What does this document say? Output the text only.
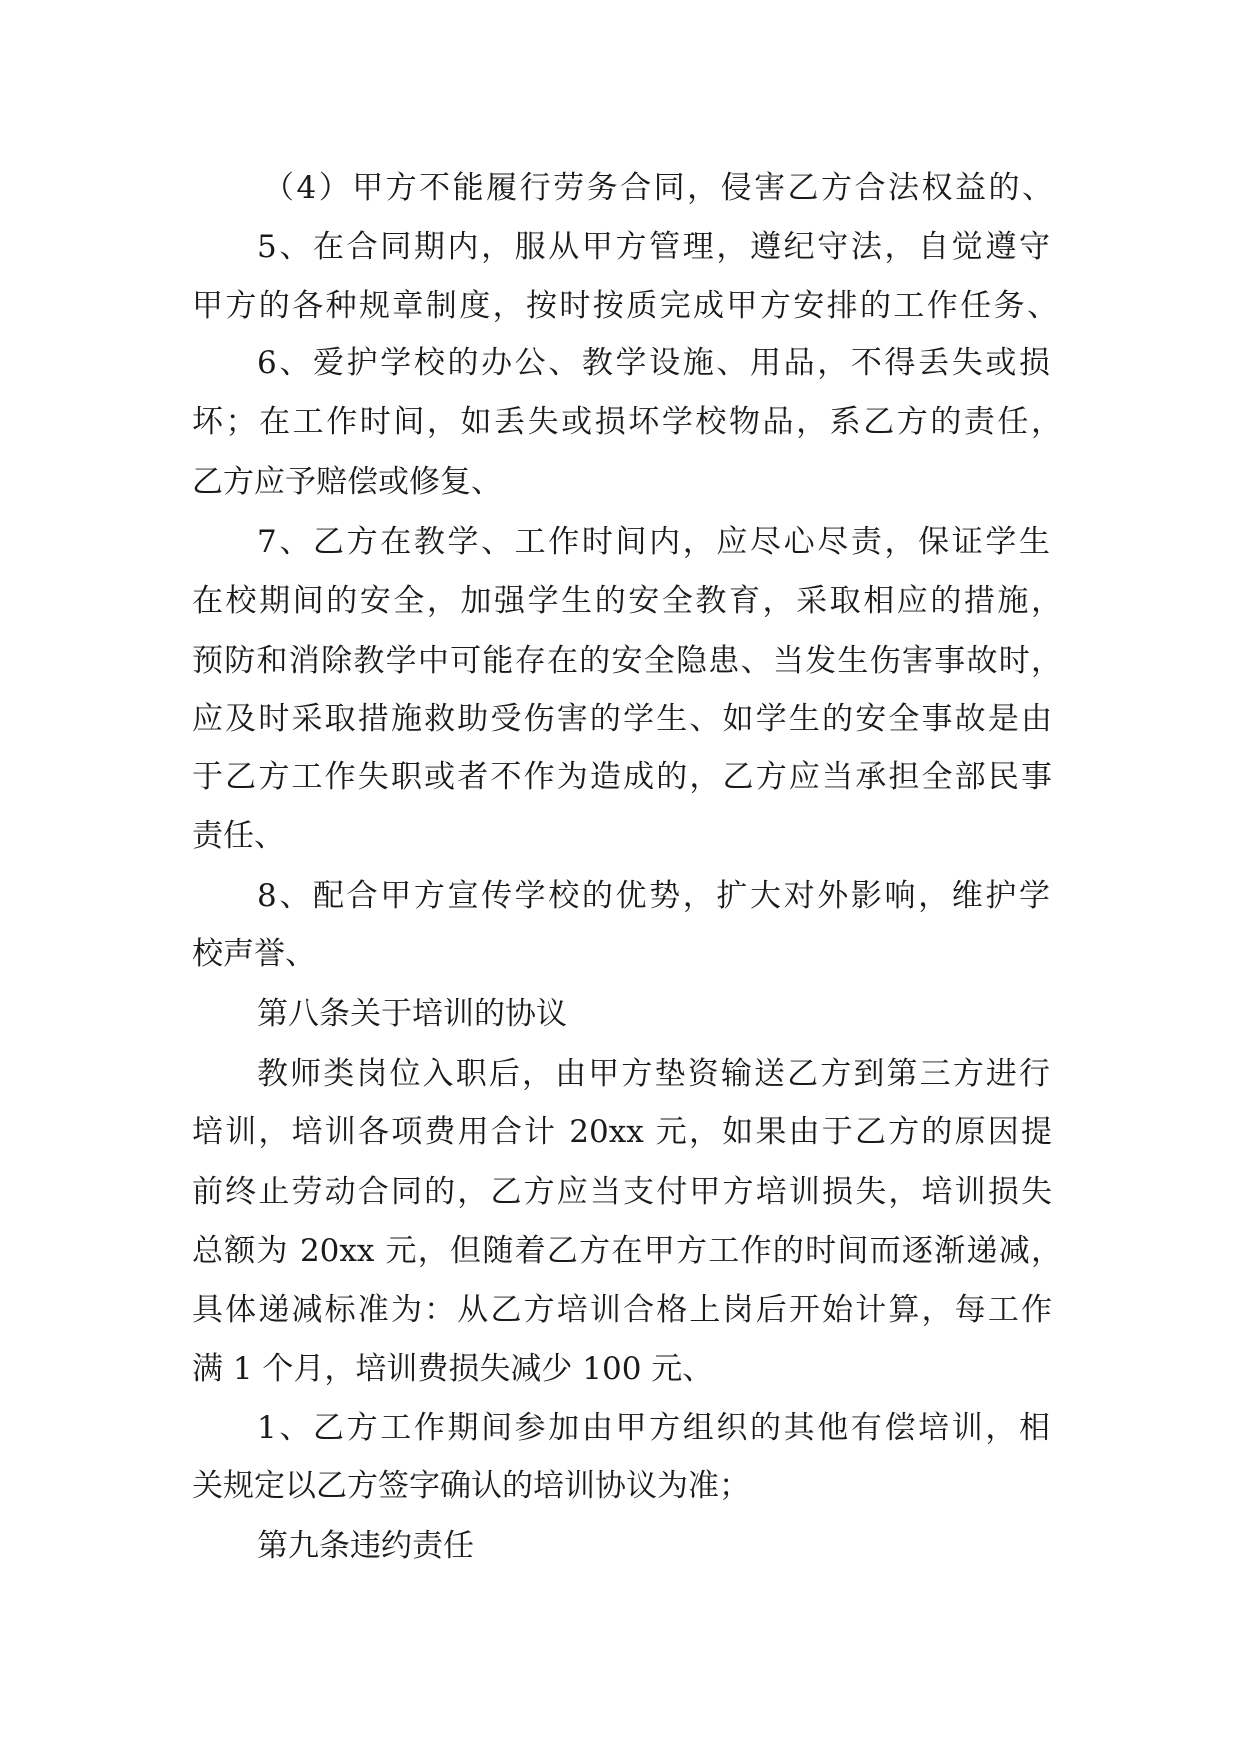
（4）甲方不能履行劳务合同，侵害乙方合法权益的、
5、在合同期内，服从甲方管理，遵纪守法，自觉遵守
甲方的各种规章制度，按时按质完成甲方安排的工作任务、
6、爱护学校的办公、教学设施、用品，不得丢失或损
坏；在工作时间，如丢失或损坏学校物品，系乙方的责任，
乙方应予赔偿或修复、
7、乙方在教学、工作时间内，应尽心尽责，保证学生
在校期间的安全，加强学生的安全教育，采取相应的措施，
预防和消除教学中可能存在的安全隐患、当发生伤害事故时，
应及时采取措施救助受伤害的学生、如学生的安全事故是由
于乙方工作失职或者不作为造成的，乙方应当承担全部民事
责任、
8、配合甲方宣传学校的优势，扩大对外影响，维护学
校声誉、
第八条关于培训的协议
教师类岗位入职后，由甲方垫资输送乙方到第三方进行
培训，培训各项费用合计 20xx 元，如果由于乙方的原因提
前终止劳动合同的，乙方应当支付甲方培训损失，培训损失
总额为 20xx 元，但随着乙方在甲方工作的时间而逐渐递减，
具体递减标准为：从乙方培训合格上岗后开始计算，每工作
满 1 个月，培训费损失减少 100 元、
1、乙方工作期间参加由甲方组织的其他有偿培训，相
关规定以乙方签字确认的培训协议为准；
第九条违约责任
